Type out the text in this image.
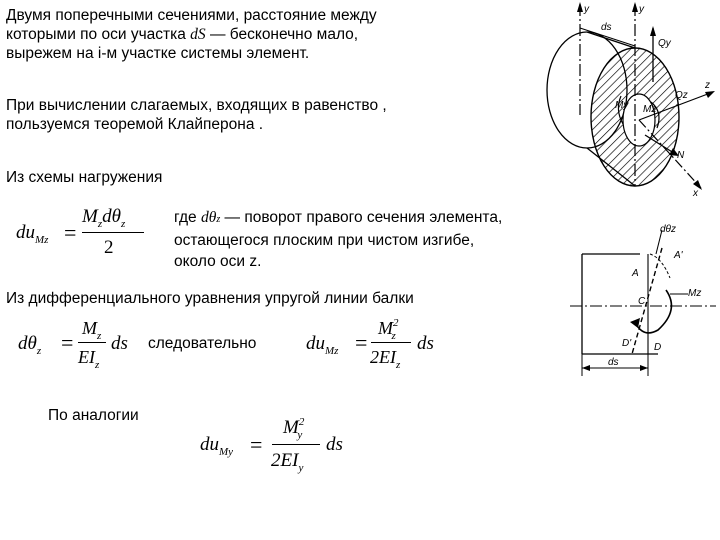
Двумя поперечными сечениями, расстояние между
которыми по оси участка dS — бесконечно мало,
вырежем на i-м участке системы элемент.
При вычислении слагаемых, входящих в равенство ,
пользуемся теоремой Клайперона .
Из схемы нагружения
$du_{Mz}$ =
$M_zd\theta_z$
2
где dθz — поворот правого сечения элемента,
остающегося плоским при чистом изгибе,
около оси z.
Из дифференциального уравнения упругой линии балки
$d\theta_z$ =
$M_z$
$EI_z$
ds следовательно	$du_{Mz}$ =
$M^2_z$
$2EI_z$
ds
По аналогии
$du_{My}$ =
$M^2_y$
$2EI_y$
ds
y	y
ds
Qy
z
Qz
x
N
Mz
My
dθz
A
A'
Mz
C
D' D
ds
